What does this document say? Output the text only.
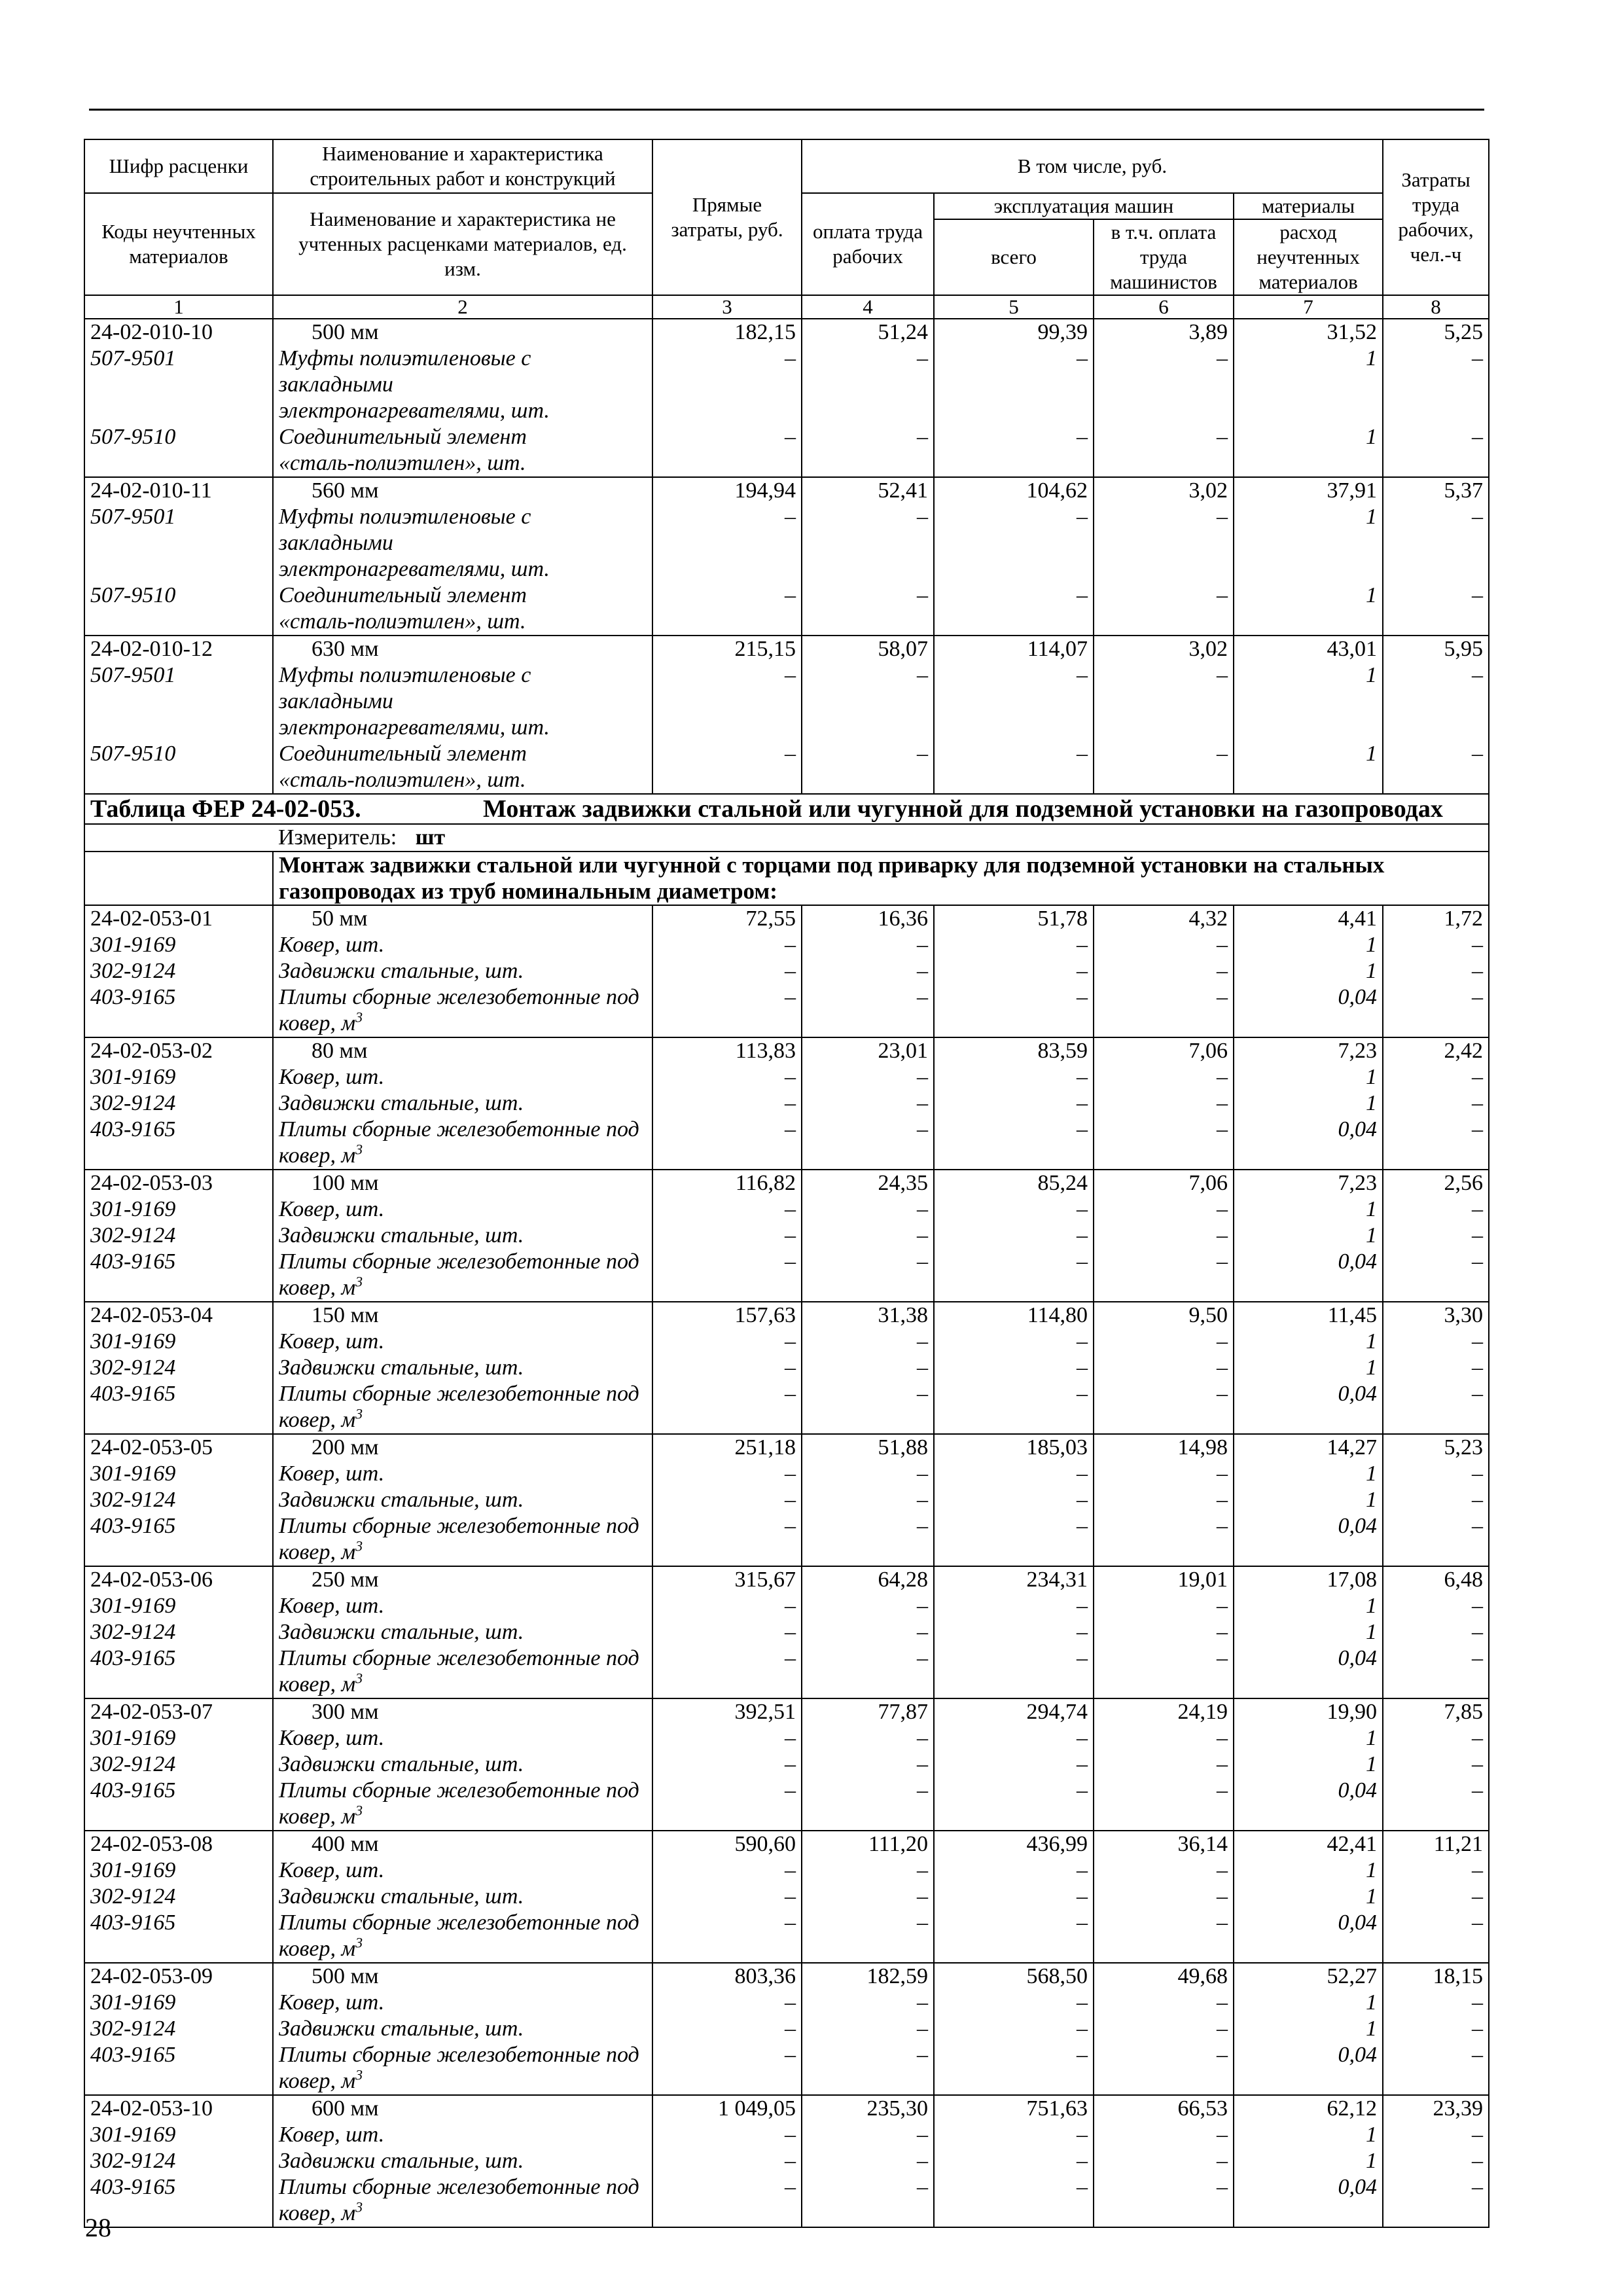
Шифр расценки	Наименование и характеристика строительных работ и конструкций	Прямые затраты, руб.	В том числе, руб.				Затраты труда рабочих, чел.-ч
Коды неучтенных материалов	Наименование и характеристика не учтенных расценками материалов, ед. изм.		оплата труда рабочих	эксплуатация машин		материалы	
				всего	в т.ч. оплата труда машинистов	расход неучтенных материалов	
1	2	3	4	5	6	7	8
24-02-010-10	500 мм	182,15	51,24	99,39	3,89	31,52	5,25
507-9501	Муфты полиэтиленовые с закладными	–	–	–	–	1	–
	электронагревателями, шт.						
507-9510	Соединительный элемент	–	–	–	–	1	–
	«сталь-полиэтилен», шт.						
24-02-010-11	560 мм	194,94	52,41	104,62	3,02	37,91	5,37
507-9501	Муфты полиэтиленовые с закладными	–	–	–	–	1	–
	электронагревателями, шт.						
507-9510	Соединительный элемент	–	–	–	–	1	–
	«сталь-полиэтилен», шт.						
24-02-010-12	630 мм	215,15	58,07	114,07	3,02	43,01	5,95
507-9501	Муфты полиэтиленовые с закладными	–	–	–	–	1	–
	электронагревателями, шт.						
507-9510	Соединительный элемент	–	–	–	–	1	–
	«сталь-полиэтилен», шт.						

Таблица ФЕР 24-02-053. Монтаж задвижки стальной или чугунной для подземной установки на газопроводах							

	Измеритель: шт						
	Монтаж задвижки стальной или чугунной с торцами под приварку для подземной установки на стальных газопроводах из труб номинальным диаметром:						
24-02-053-01	50 мм	72,55	16,36	51,78	4,32	4,41	1,72
301-9169	Ковер, шт.	–	–	–	–	1	–
302-9124	Задвижки стальные, шт.	–	–	–	–	1	–
403-9165	Плиты сборные железобетонные под	–	–	–	–	0,04	–
	ковер, $м^3$						
24-02-053-02	80 мм	113,83	23,01	83,59	7,06	7,23	2,42
301-9169	Ковер, шт.	–	–	–	–	1	–
302-9124	Задвижки стальные, шт.	–	–	–	–	1	–
403-9165	Плиты сборные железобетонные под	–	–	–	–	0,04	–
	ковер, $м^3$						
24-02-053-03	100 мм	116,82	24,35	85,24	7,06	7,23	2,56
301-9169	Ковер, шт.	–	–	–	–	1	–
302-9124	Задвижки стальные, шт.	–	–	–	–	1	–
403-9165	Плиты сборные железобетонные под	–	–	–	–	0,04	–
	ковер, $м^3$						
24-02-053-04	150 мм	157,63	31,38	114,80	9,50	11,45	3,30
301-9169	Ковер, шт.	–	–	–	–	1	–
302-9124	Задвижки стальные, шт.	–	–	–	–	1	–
403-9165	Плиты сборные железобетонные под	–	–	–	–	0,04	–
	ковер, $м^3$						
24-02-053-05	200 мм	251,18	51,88	185,03	14,98	14,27	5,23
301-9169	Ковер, шт.	–	–	–	–	1	–
302-9124	Задвижки стальные, шт.	–	–	–	–	1	–
403-9165	Плиты сборные железобетонные под	–	–	–	–	0,04	–
	ковер, $м^3$						
24-02-053-06	250 мм	315,67	64,28	234,31	19,01	17,08	6,48
301-9169	Ковер, шт.	–	–	–	–	1	–
302-9124	Задвижки стальные, шт.	–	–	–	–	1	–
403-9165	Плиты сборные железобетонные под	–	–	–	–	0,04	–
	ковер, $м^3$						
24-02-053-07	300 мм	392,51	77,87	294,74	24,19	19,90	7,85
301-9169	Ковер, шт.	–	–	–	–	1	–
302-9124	Задвижки стальные, шт.	–	–	–	–	1	–
403-9165	Плиты сборные железобетонные под	–	–	–	–	0,04	–
	ковер, $м^3$						
24-02-053-08	400 мм	590,60	111,20	436,99	36,14	42,41	11,21
301-9169	Ковер, шт.	–	–	–	–	1	–
302-9124	Задвижки стальные, шт.	–	–	–	–	1	–
403-9165	Плиты сборные железобетонные под	–	–	–	–	0,04	–
	ковер, $м^3$						
24-02-053-09	500 мм	803,36	182,59	568,50	49,68	52,27	18,15
301-9169	Ковер, шт.	–	–	–	–	1	–
302-9124	Задвижки стальные, шт.	–	–	–	–	1	–
403-9165	Плиты сборные железобетонные под	–	–	–	–	0,04	–
	ковер, $м^3$						
24-02-053-10	600 мм	1 049,05	235,30	751,63	66,53	62,12	23,39
301-9169	Ковер, шт.	–	–	–	–	1	–
302-9124	Задвижки стальные, шт.	–	–	–	–	1	–
403-9165	Плиты сборные железобетонные под	–	–	–	–	0,04	–
	ковер, $м^3$						
28
